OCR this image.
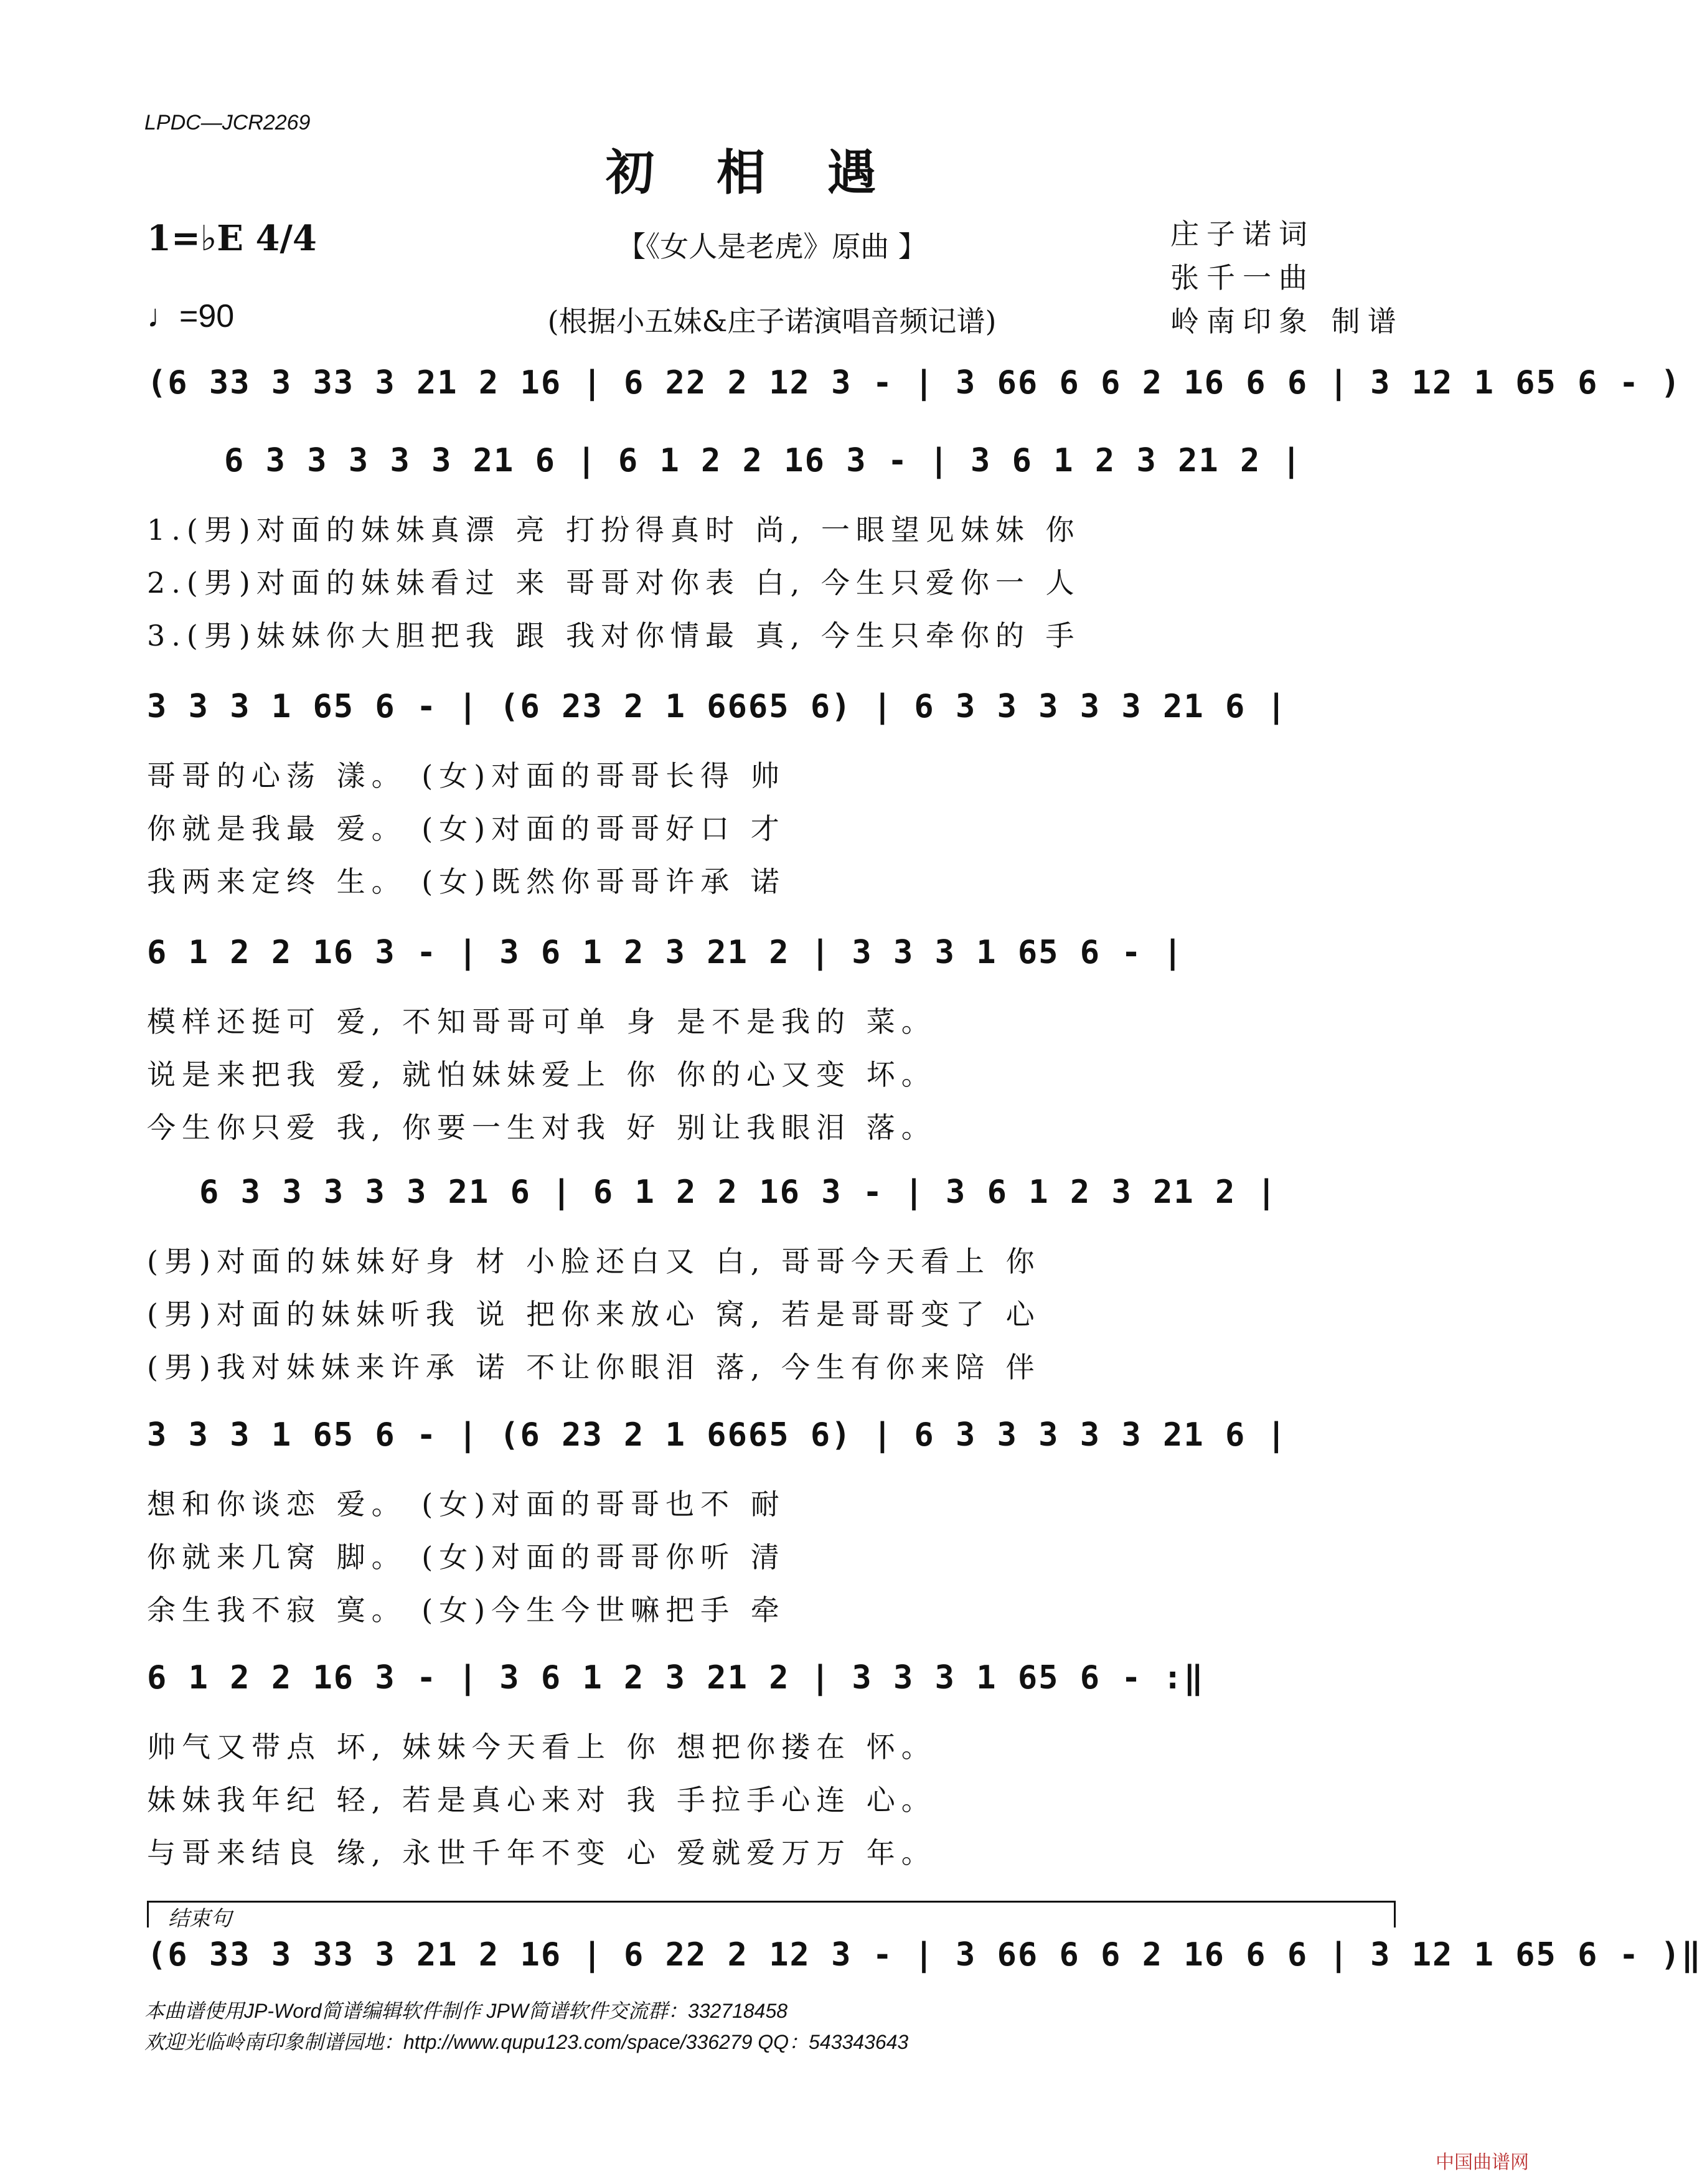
LPDC—JCR2269
初相遇
1=♭E 4/4
♩=90
【《女人是老虎》原曲 】
(根据小五妹&庄子诺演唱音频记谱)
庄子诺词
张千一曲
岭南印象 制谱
(6 33 3 33 3 21 2 16 | 6 22 2 12 3 - | 3 66 6 6 2 16 6 6 | 3 12 1 65 6 - )
6 3 3 3 3 3 21 6 | 6 1 2 2 16 3 - | 3 6 1 2 3 21 2 |
1.(男)对面的妹妹真漂 亮 打扮得真时 尚, 一眼望见妹妹 你
2.(男)对面的妹妹看过 来 哥哥对你表 白, 今生只爱你一 人
3.(男)妹妹你大胆把我 跟 我对你情最 真, 今生只牵你的 手
3 3 3 1 65 6 - | (6 23 2 1 6665 6) | 6 3 3 3 3 3 21 6 |
哥哥的心荡 漾。 (女)对面的哥哥长得 帅
你就是我最 爱。 (女)对面的哥哥好口 才
我两来定终 生。 (女)既然你哥哥许承 诺
6 1 2 2 16 3 - | 3 6 1 2 3 21 2 | 3 3 3 1 65 6 - |
模样还挺可 爱, 不知哥哥可单 身 是不是我的 菜。
说是来把我 爱, 就怕妹妹爱上 你 你的心又变 坏。
今生你只爱 我, 你要一生对我 好 别让我眼泪 落。
6 3 3 3 3 3 21 6 | 6 1 2 2 16 3 - | 3 6 1 2 3 21 2 |
(男)对面的妹妹好身 材 小脸还白又 白, 哥哥今天看上 你
(男)对面的妹妹听我 说 把你来放心 窝, 若是哥哥变了 心
(男)我对妹妹来许承 诺 不让你眼泪 落, 今生有你来陪 伴
3 3 3 1 65 6 - | (6 23 2 1 6665 6) | 6 3 3 3 3 3 21 6 |
想和你谈恋 爱。 (女)对面的哥哥也不 耐
你就来几窝 脚。 (女)对面的哥哥你听 清
余生我不寂 寞。 (女)今生今世嘛把手 牵
6 1 2 2 16 3 - | 3 6 1 2 3 21 2 | 3 3 3 1 65 6 - :‖
帅气又带点 坏, 妹妹今天看上 你 想把你搂在 怀。
妹妹我年纪 轻, 若是真心来对 我 手拉手心连 心。
与哥来结良 缘, 永世千年不变 心 爱就爱万万 年。
结束句
(6 33 3 33 3 21 2 16 | 6 22 2 12 3 - | 3 66 6 6 2 16 6 6 | 3 12 1 65 6 - )‖
本曲谱使用JP-Word简谱编辑软件制作 JPW简谱软件交流群：332718458
欢迎光临岭南印象制谱园地：http://www.qupu123.com/space/336279 QQ：543343643
中国曲谱网
